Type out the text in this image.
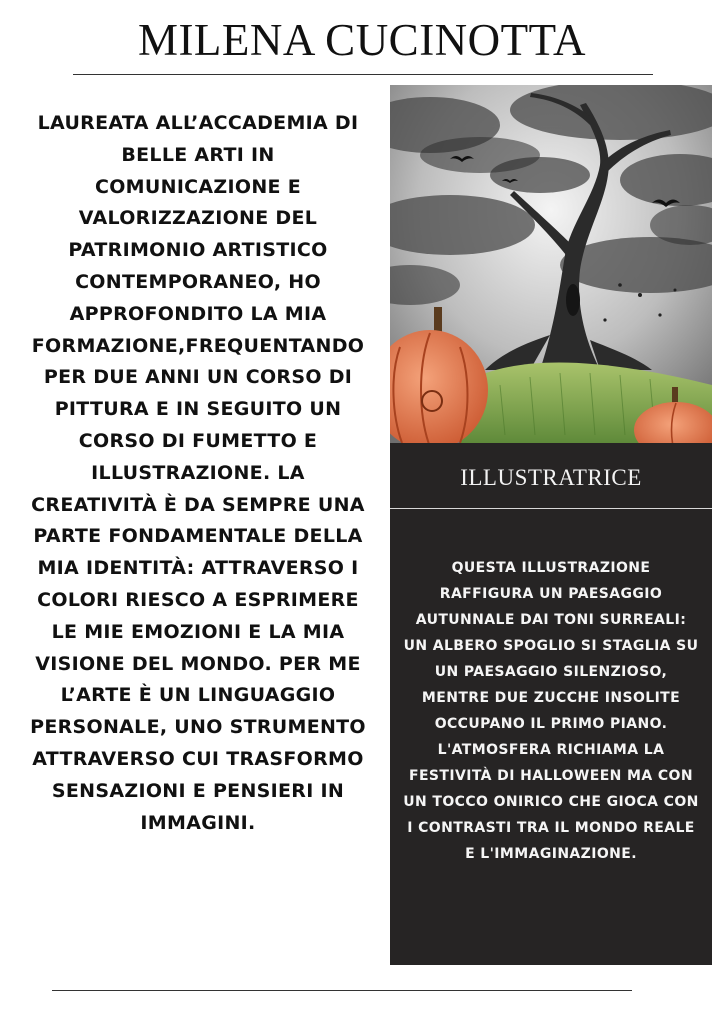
MILENA CUCINOTTA
LAUREATA ALL’ACCADEMIA DI BELLE ARTI IN COMUNICAZIONE E VALORIZZAZIONE DEL PATRIMONIO ARTISTICO CONTEMPORANEO, HO APPROFONDITO LA MIA FORMAZIONE,FREQUENTANDO PER DUE ANNI UN CORSO DI PITTURA E IN SEGUITO UN CORSO DI FUMETTO E ILLUSTRAZIONE. LA CREATIVITÀ È DA SEMPRE UNA PARTE FONDAMENTALE DELLA MIA IDENTITÀ: ATTRAVERSO I COLORI RIESCO A ESPRIMERE LE MIE EMOZIONI E LA MIA VISIONE DEL MONDO. PER ME L’ARTE È UN LINGUAGGIO PERSONALE, UNO STRUMENTO ATTRAVERSO CUI TRASFORMO SENSAZIONI E PENSIERI IN IMMAGINI.
ILLUSTRATRICE
QUESTA ILLUSTRAZIONE RAFFIGURA UN PAESAGGIO AUTUNNALE DAI TONI SURREALI: UN ALBERO SPOGLIO SI STAGLIA SU UN PAESAGGIO SILENZIOSO, MENTRE DUE ZUCCHE INSOLITE OCCUPANO IL PRIMO PIANO. L'ATMOSFERA RICHIAMA LA FESTIVITÀ DI HALLOWEEN MA CON UN TOCCO ONIRICO CHE GIOCA CON I CONTRASTI TRA IL MONDO REALE E L'IMMAGINAZIONE.
